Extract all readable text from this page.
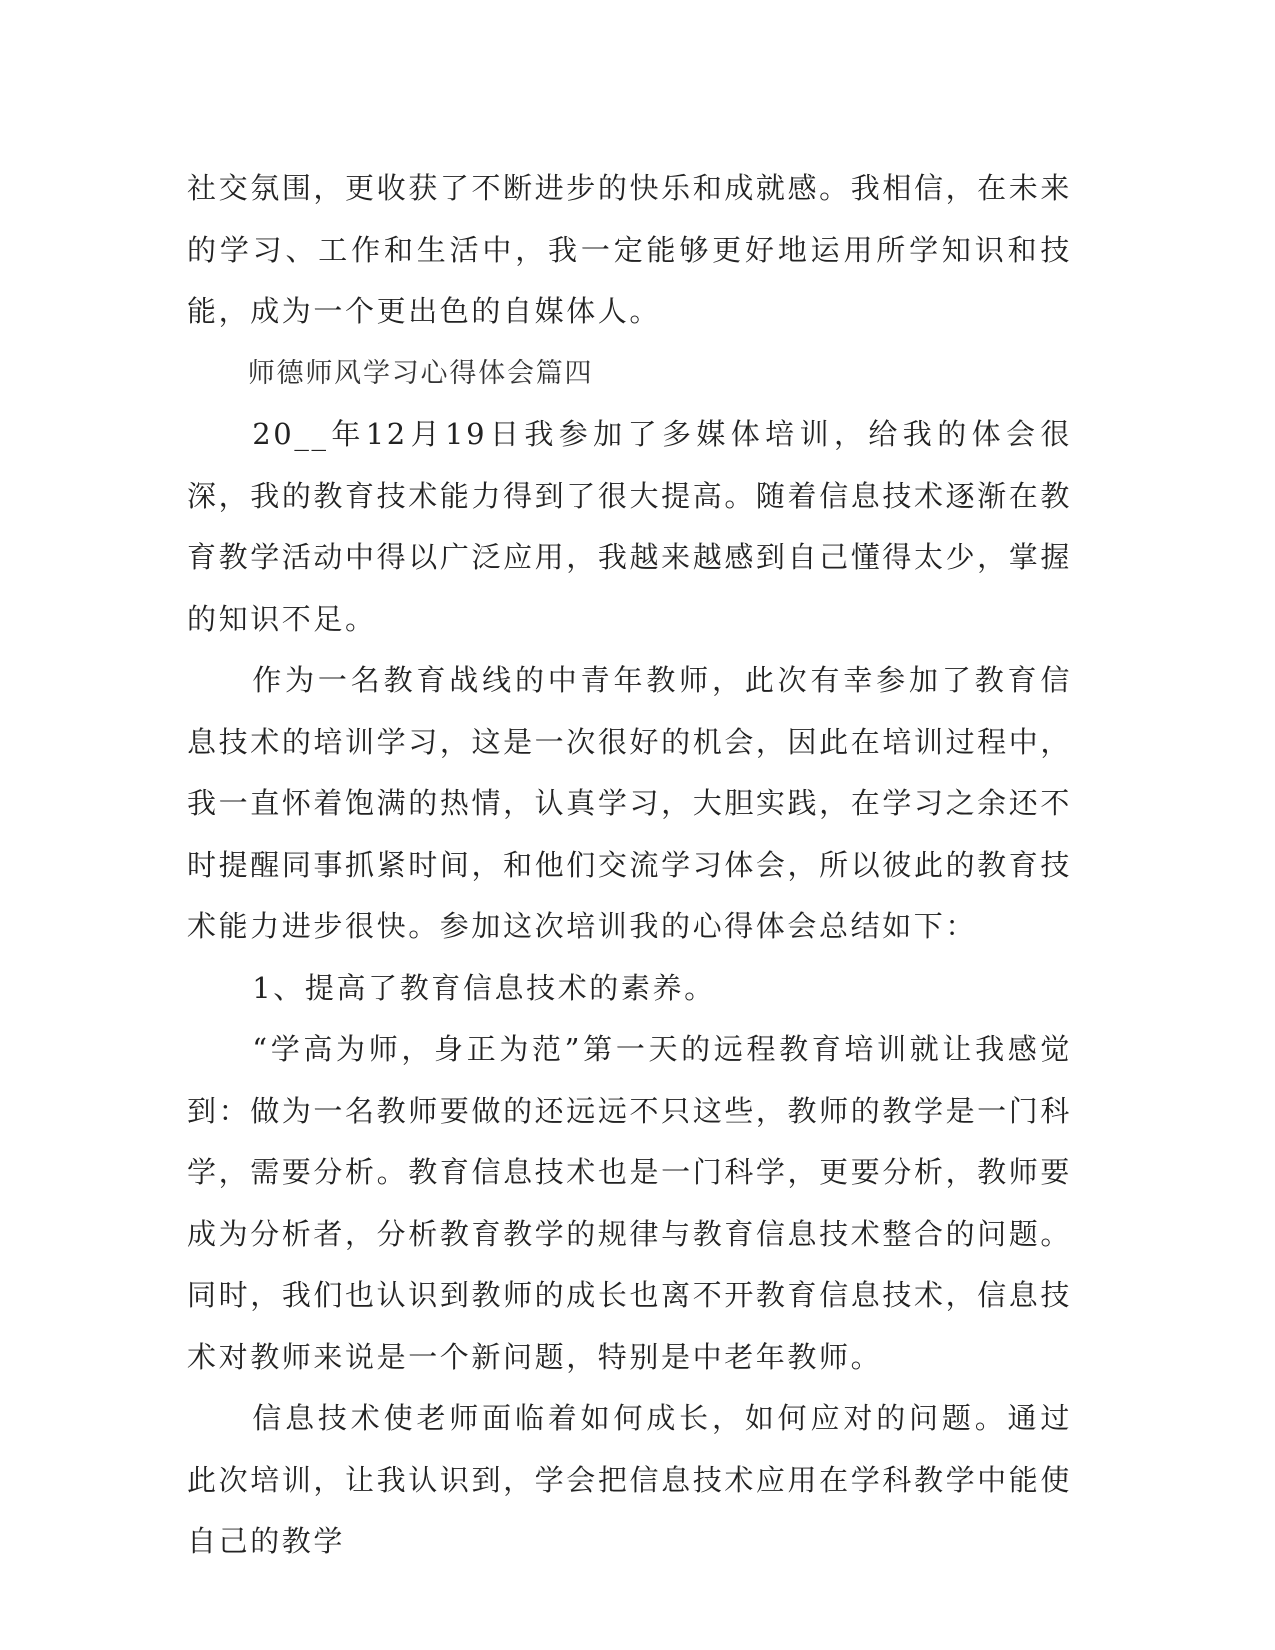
社交氛围，更收获了不断进步的快乐和成就感。我相信，在未来的学习、工作和生活中，我一定能够更好地运用所学知识和技能，成为一个更出色的自媒体人。

师德师风学习心得体会篇四

20__年12月19日我参加了多媒体培训，给我的体会很深，我的教育技术能力得到了很大提高。随着信息技术逐渐在教育教学活动中得以广泛应用，我越来越感到自己懂得太少，掌握的知识不足。

作为一名教育战线的中青年教师，此次有幸参加了教育信息技术的培训学习，这是一次很好的机会，因此在培训过程中，我一直怀着饱满的热情，认真学习，大胆实践，在学习之余还不时提醒同事抓紧时间，和他们交流学习体会，所以彼此的教育技术能力进步很快。参加这次培训我的心得体会总结如下：

1、提高了教育信息技术的素养。

“学高为师，身正为范”第一天的远程教育培训就让我感觉到：做为一名教师要做的还远远不只这些，教师的教学是一门科学，需要分析。教育信息技术也是一门科学，更要分析，教师要成为分析者，分析教育教学的规律与教育信息技术整合的问题。同时，我们也认识到教师的成长也离不开教育信息技术，信息技术对教师来说是一个新问题，特别是中老年教师。

信息技术使老师面临着如何成长，如何应对的问题。通过此次培训，让我认识到，学会把信息技术应用在学科教学中能使自己的教学
